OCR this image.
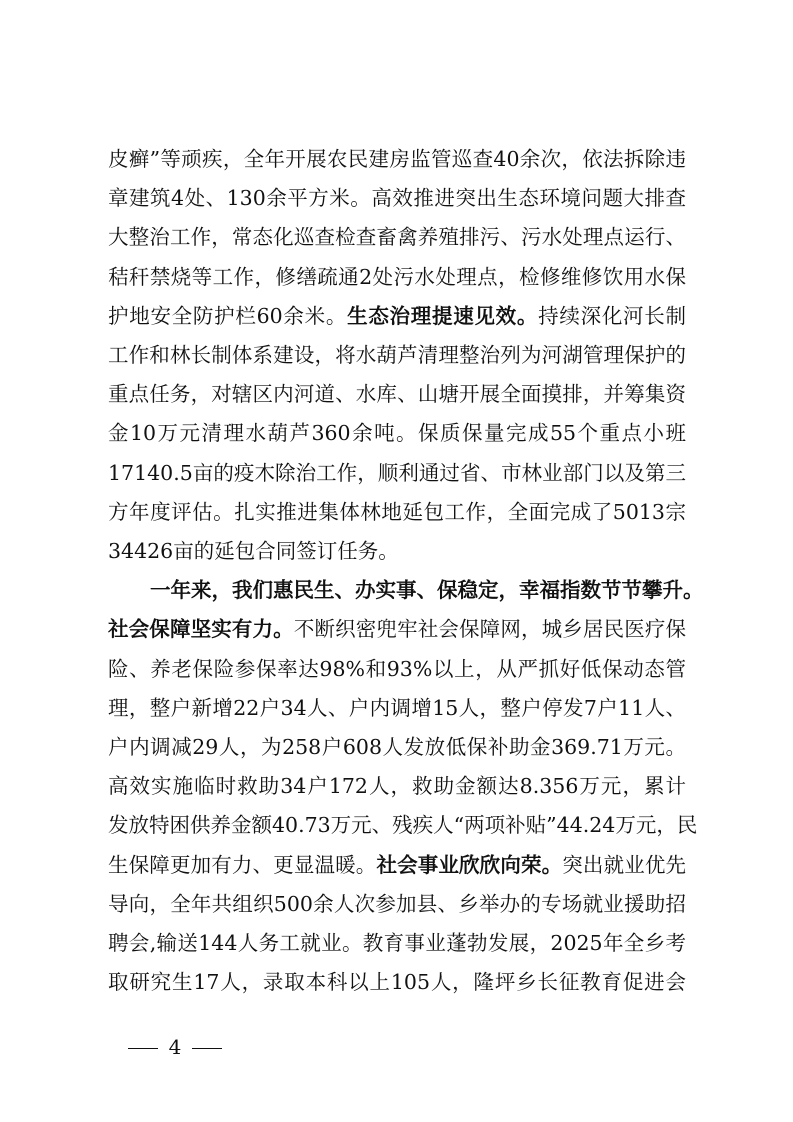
皮癣”等顽疾，全年开展农民建房监管巡查40余次，依法拆除违
章建筑4处、130余平方米。高效推进突出生态环境问题大排查
大整治工作，常态化巡查检查畜禽养殖排污、污水处理点运行、
秸秆禁烧等工作，修缮疏通2处污水处理点，检修维修饮用水保
护地安全防护栏60余米。生态治理提速见效。持续深化河长制
工作和林长制体系建设，将水葫芦清理整治列为河湖管理保护的
重点任务，对辖区内河道、水库、山塘开展全面摸排，并筹集资
金10万元清理水葫芦360余吨。保质保量完成55个重点小班
17140.5亩的疫木除治工作，顺利通过省、市林业部门以及第三
方年度评估。扎实推进集体林地延包工作，全面完成了5013宗
34426亩的延包合同签订任务。
一年来，我们惠民生、办实事、保稳定，幸福指数节节攀升。
社会保障坚实有力。不断织密兜牢社会保障网，城乡居民医疗保
险、养老保险参保率达98%和93%以上，从严抓好低保动态管
理，整户新增22户34人、户内调增15人，整户停发7户11人、
户内调减29人，为258户608人发放低保补助金369.71万元。
高效实施临时救助34户172人，救助金额达8.356万元，累计
发放特困供养金额40.73万元、残疾人“两项补贴”44.24万元，民
生保障更加有力、更显温暖。社会事业欣欣向荣。突出就业优先
导向，全年共组织500余人次参加县、乡举办的专场就业援助招
聘会,输送144人务工就业。教育事业蓬勃发展，2025年全乡考
取研究生17人，录取本科以上105人，隆坪乡长征教育促进会
4
